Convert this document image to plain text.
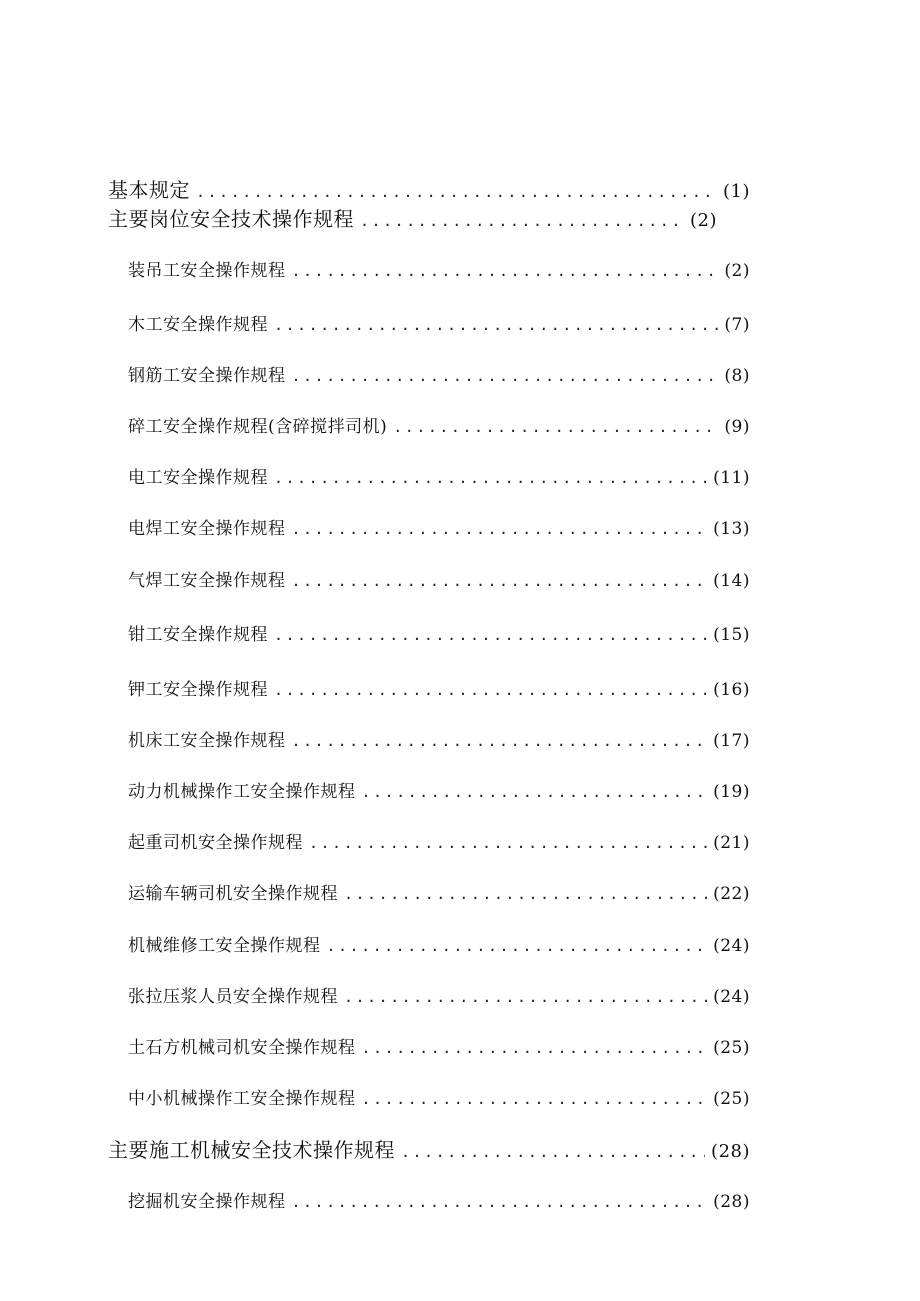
基本规定 .....	(1)
主要岗位安全技术操作规程 .....	(2)
装吊工安全操作规程 .....	(2)
木工安全操作规程 .....	(7)
钢筋工安全操作规程 .....	(8)
碎工安全操作规程(含碎搅拌司机) .....	(9)
电工安全操作规程 .....	(11)
电焊工安全操作规程 .....	(13)
气焊工安全操作规程 .....	(14)
钳工安全操作规程 .....	(15)
钾工安全操作规程 .....	(16)
机床工安全操作规程 .....	(17)
动力机械操作工安全操作规程 .....	(19)
起重司机安全操作规程 .....	(21)
运输车辆司机安全操作规程 .....	(22)
机械维修工安全操作规程 .....	(24)
张拉压浆人员安全操作规程 .....	(24)
土石方机械司机安全操作规程 .....	(25)
中小机械操作工安全操作规程 .....	(25)
主要施工机械安全技术操作规程 .....	(28)
挖掘机安全操作规程 .....	(28)
